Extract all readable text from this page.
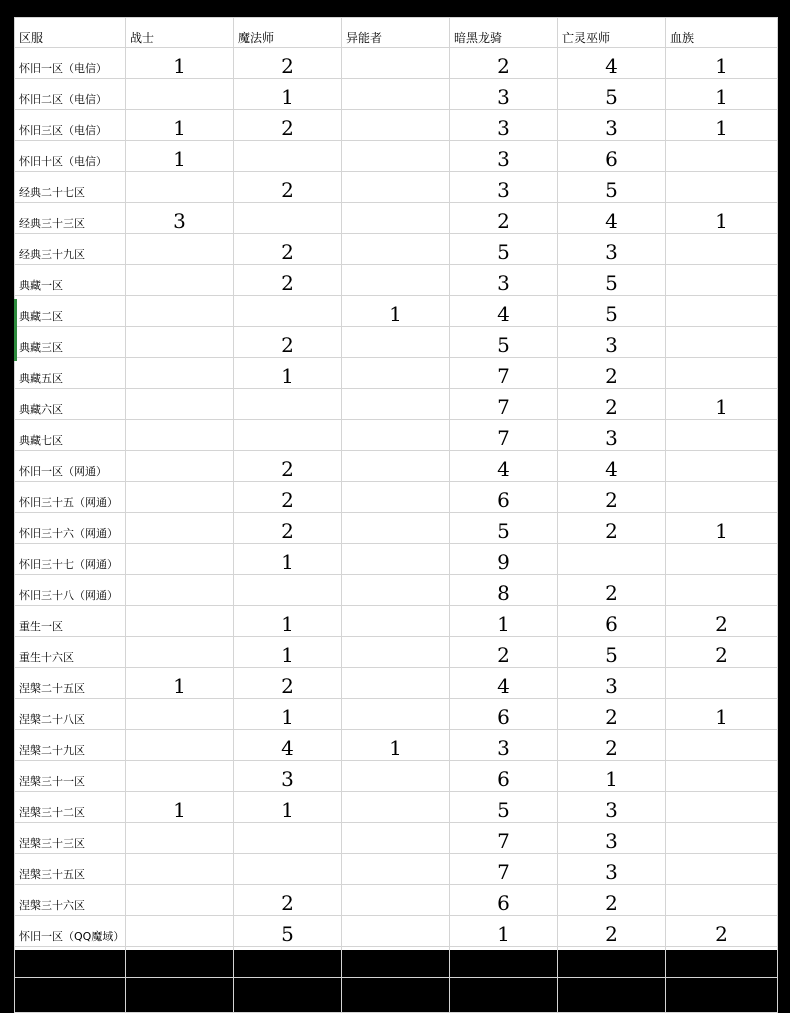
区服	战士	魔法师	异能者	暗黑龙骑	亡灵巫师	血族
怀旧一区（电信）	1	2		2	4	1
怀旧二区（电信）		1		3	5	1
怀旧三区（电信）	1	2		3	3	1
怀旧十区（电信）	1			3	6	
经典二十七区		2		3	5	
经典三十三区	3			2	4	1
经典三十九区		2		5	3	
典藏一区		2		3	5	
典藏二区			1	4	5	
典藏三区		2		5	3	
典藏五区		1		7	2	
典藏六区				7	2	1
典藏七区				7	3	
怀旧一区（网通）		2		4	4	
怀旧三十五（网通）		2		6	2	
怀旧三十六（网通）		2		5	2	1
怀旧三十七（网通）		1		9		
怀旧三十八（网通）				8	2	
重生一区		1		1	6	2
重生十六区		1		2	5	2
涅槃二十五区	1	2		4	3	
涅槃二十八区		1		6	2	1
涅槃二十九区		4	1	3	2	
涅槃三十一区		3		6	1	
涅槃三十二区	1	1		5	3	
涅槃三十三区				7	3	
涅槃三十五区				7	3	
涅槃三十六区		2		6	2	
怀旧一区（QQ魔域）		5		1	2	2
怀旧八区（QQ魔域）		1		5	3	1
总计	8	42	2	139	95	14
